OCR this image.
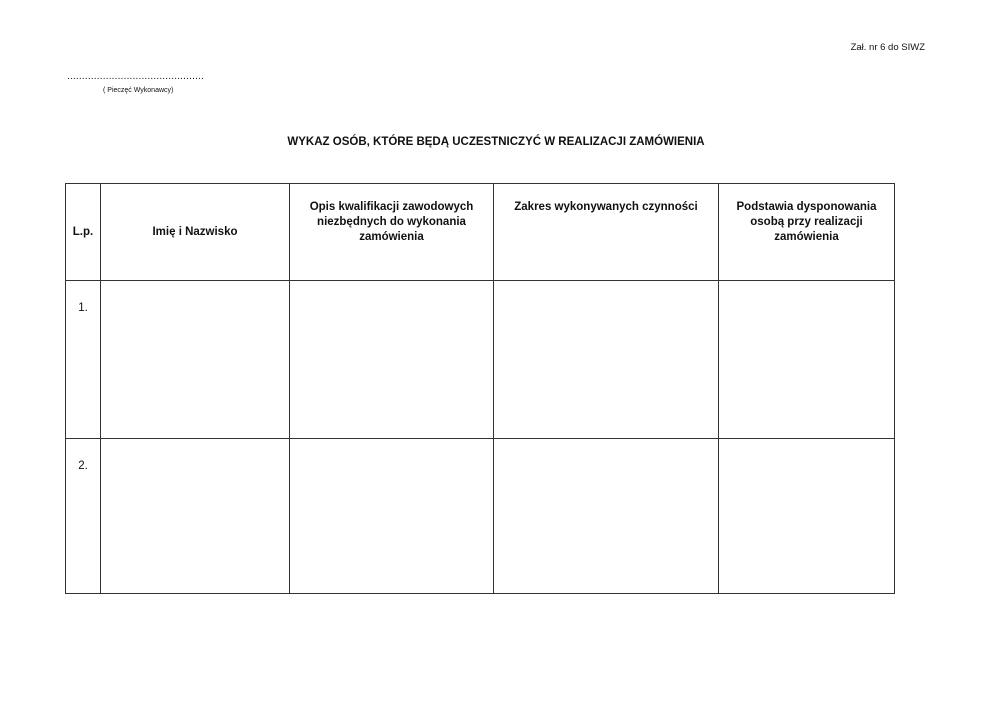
Zał. nr 6 do SIWZ
..............................................
( Pieczęć Wykonawcy)
WYKAZ OSÓB, KTÓRE BĘDĄ UCZESTNICZYĆ W REALIZACJI ZAMÓWIENIA
L.p.	Imię i Nazwisko	Opis kwalifikacji zawodowych niezbędnych do wykonania zamówienia	Zakres wykonywanych czynności	Podstawia dysponowania osobą przy realizacji zamówienia
1.				
2.				
